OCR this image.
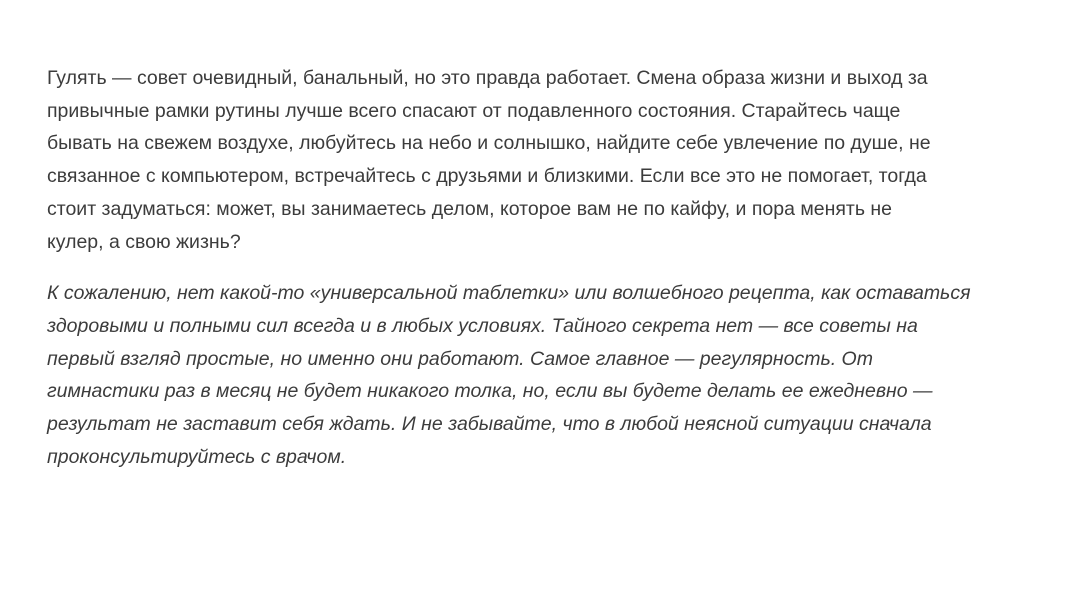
Гулять — совет очевидный, банальный, но это правда работает. Смена образа жизни и выход за
привычные рамки рутины лучше всего спасают от подавленного состояния. Старайтесь чаще
бывать на свежем воздухе, любуйтесь на небо и солнышко, найдите себе увлечение по душе, не
связанное с компьютером, встречайтесь с друзьями и близкими. Если все это не помогает, тогда
стоит задуматься: может, вы занимаетесь делом, которое вам не по кайфу, и пора менять не
кулер, а свою жизнь?

К сожалению, нет какой-то «универсальной таблетки» или волшебного рецепта, как оставаться
здоровыми и полными сил всегда и в любых условиях. Тайного секрета нет — все советы на
первый взгляд простые, но именно они работают. Самое главное — регулярность. От
гимнастики раз в месяц не будет никакого толка, но, если вы будете делать ее ежедневно —
результат не заставит себя ждать. И не забывайте, что в любой неясной ситуации сначала
проконсультируйтесь с врачом.
